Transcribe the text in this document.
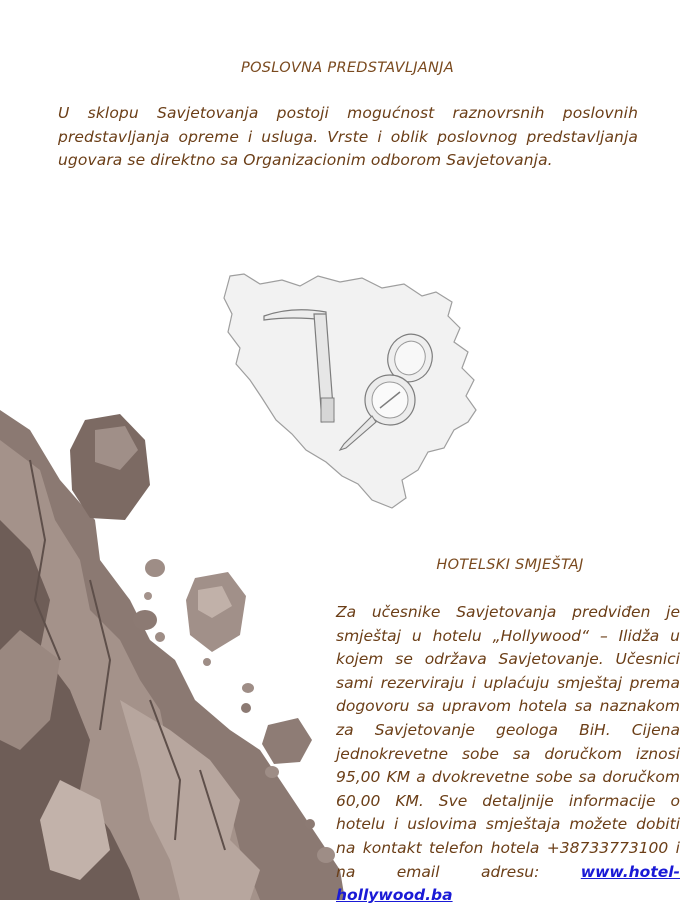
POSLOVNA PREDSTAVLJANJA

U sklopu Savjetovanja postoji mogućnost raznovrsnih poslovnih predstavljanja opreme i usluga. Vrste i oblik poslovnog predstavljanja ugovara se direktno sa Organizacionim odborom Savjetovanja.

HOTELSKI SMJEŠTAJ

Za učesnike Savjetovanja predviđen je smještaj u hotelu „Hollywood“ – Ilidža u kojem se održava Savjetovanje. Učesnici sami rezerviraju i uplaćuju smještaj prema dogovoru sa upravom hotela sa naznakom za Savjetovanje geologa BiH. Cijena jednokrevetne sobe sa doručkom iznosi 95,00 KM a dvokrevetne sobe sa doručkom 60,00 KM. Sve detaljnije informacije o hotelu i uslovima smještaja možete dobiti na kontakt telefon hotela +38733773100 i na email adresu:	www.hotel-hollywood.ba
